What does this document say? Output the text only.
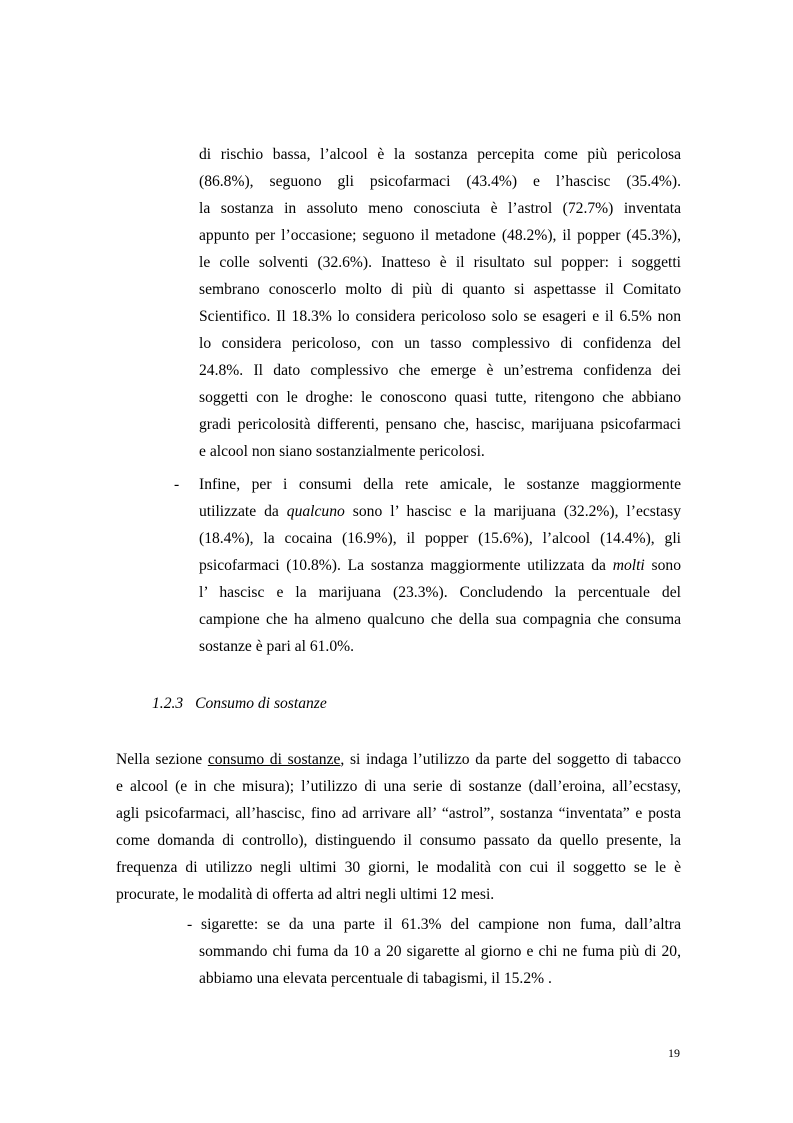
di rischio bassa, l’alcool è la sostanza percepita come più pericolosa
(86.8%), seguono gli psicofarmaci (43.4%) e l’hascisc (35.4%).
la sostanza in assoluto meno conosciuta è l’astrol (72.7%) inventata
appunto per l’occasione; seguono il metadone (48.2%), il popper (45.3%),
le colle solventi (32.6%). Inatteso è il risultato sul popper: i soggetti
sembrano conoscerlo molto di più di quanto si aspettasse il Comitato
Scientifico. Il 18.3% lo considera pericoloso solo se esageri e il 6.5% non
lo considera pericoloso, con un tasso complessivo di confidenza del
24.8%. Il dato complessivo che emerge è un’estrema confidenza dei
soggetti con le droghe: le conoscono quasi tutte, ritengono che abbiano
gradi pericolosità differenti, pensano che, hascisc, marijuana psicofarmaci
e alcool non siano sostanzialmente pericolosi.
- Infine, per i consumi della rete amicale, le sostanze maggiormente
utilizzate da qualcuno sono l’ hascisc e la marijuana (32.2%), l’ecstasy
(18.4%), la cocaina (16.9%), il popper (15.6%), l’alcool (14.4%), gli
psicofarmaci (10.8%). La sostanza maggiormente utilizzata da molti sono
l’ hascisc e la marijuana (23.3%). Concludendo la percentuale del
campione che ha almeno qualcuno che della sua compagnia che consuma
sostanze è pari al 61.0%.
1.2.3 Consumo di sostanze
Nella sezione consumo di sostanze, si indaga l’utilizzo da parte del soggetto di tabacco
e alcool (e in che misura); l’utilizzo di una serie di sostanze (dall’eroina, all’ecstasy,
agli psicofarmaci, all’hascisc, fino ad arrivare all’ “astrol”, sostanza “inventata” e posta
come domanda di controllo), distinguendo il consumo passato da quello presente, la
frequenza di utilizzo negli ultimi 30 giorni, le modalità con cui il soggetto se le è
procurate, le modalità di offerta ad altri negli ultimi 12 mesi.
- sigarette: se da una parte il 61.3% del campione non fuma, dall’altra
sommando chi fuma da 10 a 20 sigarette al giorno e chi ne fuma più di 20,
abbiamo una elevata percentuale di tabagismi, il 15.2% .
19
